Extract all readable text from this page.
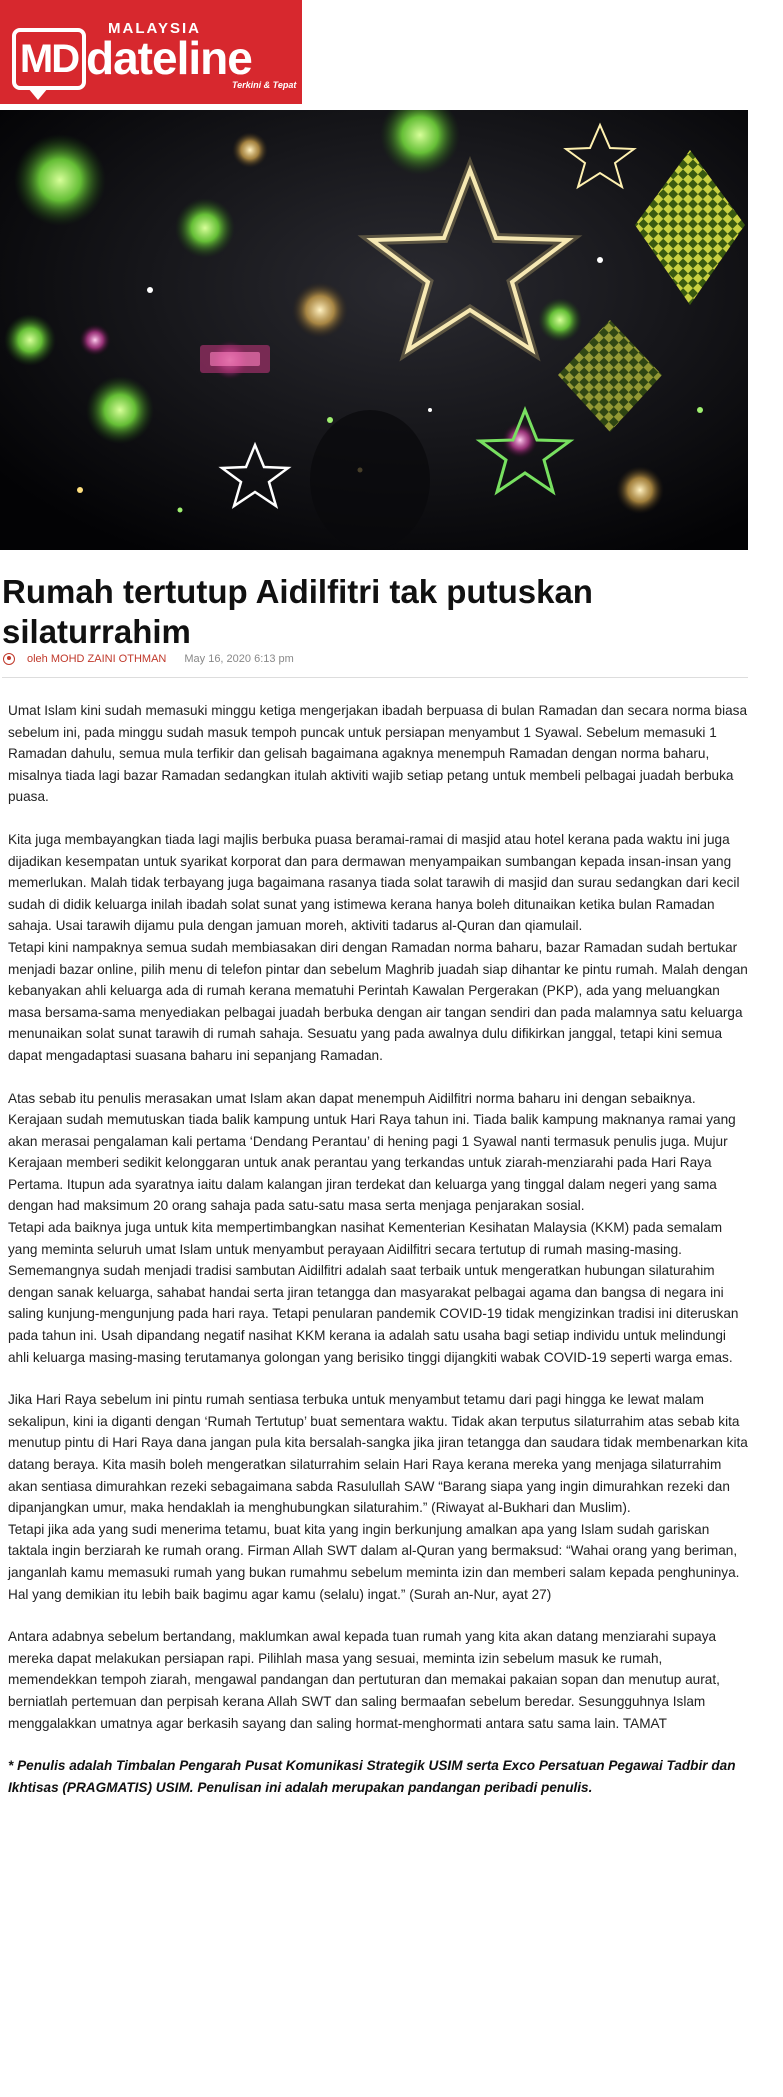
MD
MALAYSIA
dateline
Terkini & Tepat
Rumah tertutup Aidilfitri tak putuskan silaturrahim
oleh MOHD ZAINI OTHMAN May 16, 2020 6:13 pm

Umat Islam kini sudah memasuki minggu ketiga mengerjakan ibadah berpuasa di bulan Ramadan dan secara norma biasa sebelum ini, pada minggu sudah masuk tempoh puncak untuk persiapan menyambut 1 Syawal. Sebelum memasuki 1 Ramadan dahulu, semua mula terfikir dan gelisah bagaimana agaknya menempuh Ramadan dengan norma baharu, misalnya tiada lagi bazar Ramadan sedangkan itulah aktiviti wajib setiap petang untuk membeli pelbagai juadah berbuka puasa.

Kita juga membayangkan tiada lagi majlis berbuka puasa beramai-ramai di masjid atau hotel kerana pada waktu ini juga dijadikan kesempatan untuk syarikat korporat dan para dermawan menyampaikan sumbangan kepada insan-insan yang memerlukan. Malah tidak terbayang juga bagaimana rasanya tiada solat tarawih di masjid dan surau sedangkan dari kecil sudah di didik keluarga inilah ibadah solat sunat yang istimewa kerana hanya boleh ditunaikan ketika bulan Ramadan sahaja. Usai tarawih dijamu pula dengan jamuan moreh, aktiviti tadarus al-Quran dan qiamulail.

Tetapi kini nampaknya semua sudah membiasakan diri dengan Ramadan norma baharu, bazar Ramadan sudah bertukar menjadi bazar online, pilih menu di telefon pintar dan sebelum Maghrib juadah siap dihantar ke pintu rumah. Malah dengan kebanyakan ahli keluarga ada di rumah kerana mematuhi Perintah Kawalan Pergerakan (PKP), ada yang meluangkan masa bersama-sama menyediakan pelbagai juadah berbuka dengan air tangan sendiri dan pada malamnya satu keluarga menunaikan solat sunat tarawih di rumah sahaja. Sesuatu yang pada awalnya dulu difikirkan janggal, tetapi kini semua dapat mengadaptasi suasana baharu ini sepanjang Ramadan.

Atas sebab itu penulis merasakan umat Islam akan dapat menempuh Aidilfitri norma baharu ini dengan sebaiknya. Kerajaan sudah memutuskan tiada balik kampung untuk Hari Raya tahun ini. Tiada balik kampung maknanya ramai yang akan merasai pengalaman kali pertama ‘Dendang Perantau’ di hening pagi 1 Syawal nanti termasuk penulis juga. Mujur Kerajaan memberi sedikit kelonggaran untuk anak perantau yang terkandas untuk ziarah-menziarahi pada Hari Raya Pertama. Itupun ada syaratnya iaitu dalam kalangan jiran terdekat dan keluarga yang tinggal dalam negeri yang sama dengan had maksimum 20 orang sahaja pada satu-satu masa serta menjaga penjarakan sosial.

Tetapi ada baiknya juga untuk kita mempertimbangkan nasihat Kementerian Kesihatan Malaysia (KKM) pada semalam yang meminta seluruh umat Islam untuk menyambut perayaan Aidilfitri secara tertutup di rumah masing-masing. Sememangnya sudah menjadi tradisi sambutan Aidilfitri adalah saat terbaik untuk mengeratkan hubungan silaturahim dengan sanak keluarga, sahabat handai serta jiran tetangga dan masyarakat pelbagai agama dan bangsa di negara ini saling kunjung-mengunjung pada hari raya. Tetapi penularan pandemik COVID-19 tidak mengizinkan tradisi ini diteruskan pada tahun ini. Usah dipandang negatif nasihat KKM kerana ia adalah satu usaha bagi setiap individu untuk melindungi ahli keluarga masing-masing terutamanya golongan yang berisiko tinggi dijangkiti wabak COVID-19 seperti warga emas.

Jika Hari Raya sebelum ini pintu rumah sentiasa terbuka untuk menyambut tetamu dari pagi hingga ke lewat malam sekalipun, kini ia diganti dengan ‘Rumah Tertutup’ buat sementara waktu. Tidak akan terputus silaturrahim atas sebab kita menutup pintu di Hari Raya dana jangan pula kita bersalah-sangka jika jiran tetangga dan saudara tidak membenarkan kita datang beraya. Kita masih boleh mengeratkan silaturrahim selain Hari Raya kerana mereka yang menjaga silaturrahim akan sentiasa dimurahkan rezeki sebagaimana sabda Rasulullah SAW “Barang siapa yang ingin dimurahkan rezeki dan dipanjangkan umur, maka hendaklah ia menghubungkan silaturahim.” (Riwayat al-Bukhari dan Muslim).

Tetapi jika ada yang sudi menerima tetamu, buat kita yang ingin berkunjung amalkan apa yang Islam sudah gariskan taktala ingin berziarah ke rumah orang. Firman Allah SWT dalam al-Quran yang bermaksud: “Wahai orang yang beriman, janganlah kamu memasuki rumah yang bukan rumahmu sebelum meminta izin dan memberi salam kepada penghuninya. Hal yang demikian itu lebih baik bagimu agar kamu (selalu) ingat.” (Surah an-Nur, ayat 27)

Antara adabnya sebelum bertandang, maklumkan awal kepada tuan rumah yang kita akan datang menziarahi supaya mereka dapat melakukan persiapan rapi. Pilihlah masa yang sesuai, meminta izin sebelum masuk ke rumah, memendekkan tempoh ziarah, mengawal pandangan dan pertuturan dan memakai pakaian sopan dan menutup aurat, berniatlah pertemuan dan perpisah kerana Allah SWT dan saling bermaafan sebelum beredar. Sesungguhnya Islam menggalakkan umatnya agar berkasih sayang dan saling hormat-menghormati antara satu sama lain. TAMAT

* Penulis adalah Timbalan Pengarah Pusat Komunikasi Strategik USIM serta Exco Persatuan Pegawai Tadbir dan Ikhtisas (PRAGMATIS) USIM. Penulisan ini adalah merupakan pandangan peribadi penulis.
